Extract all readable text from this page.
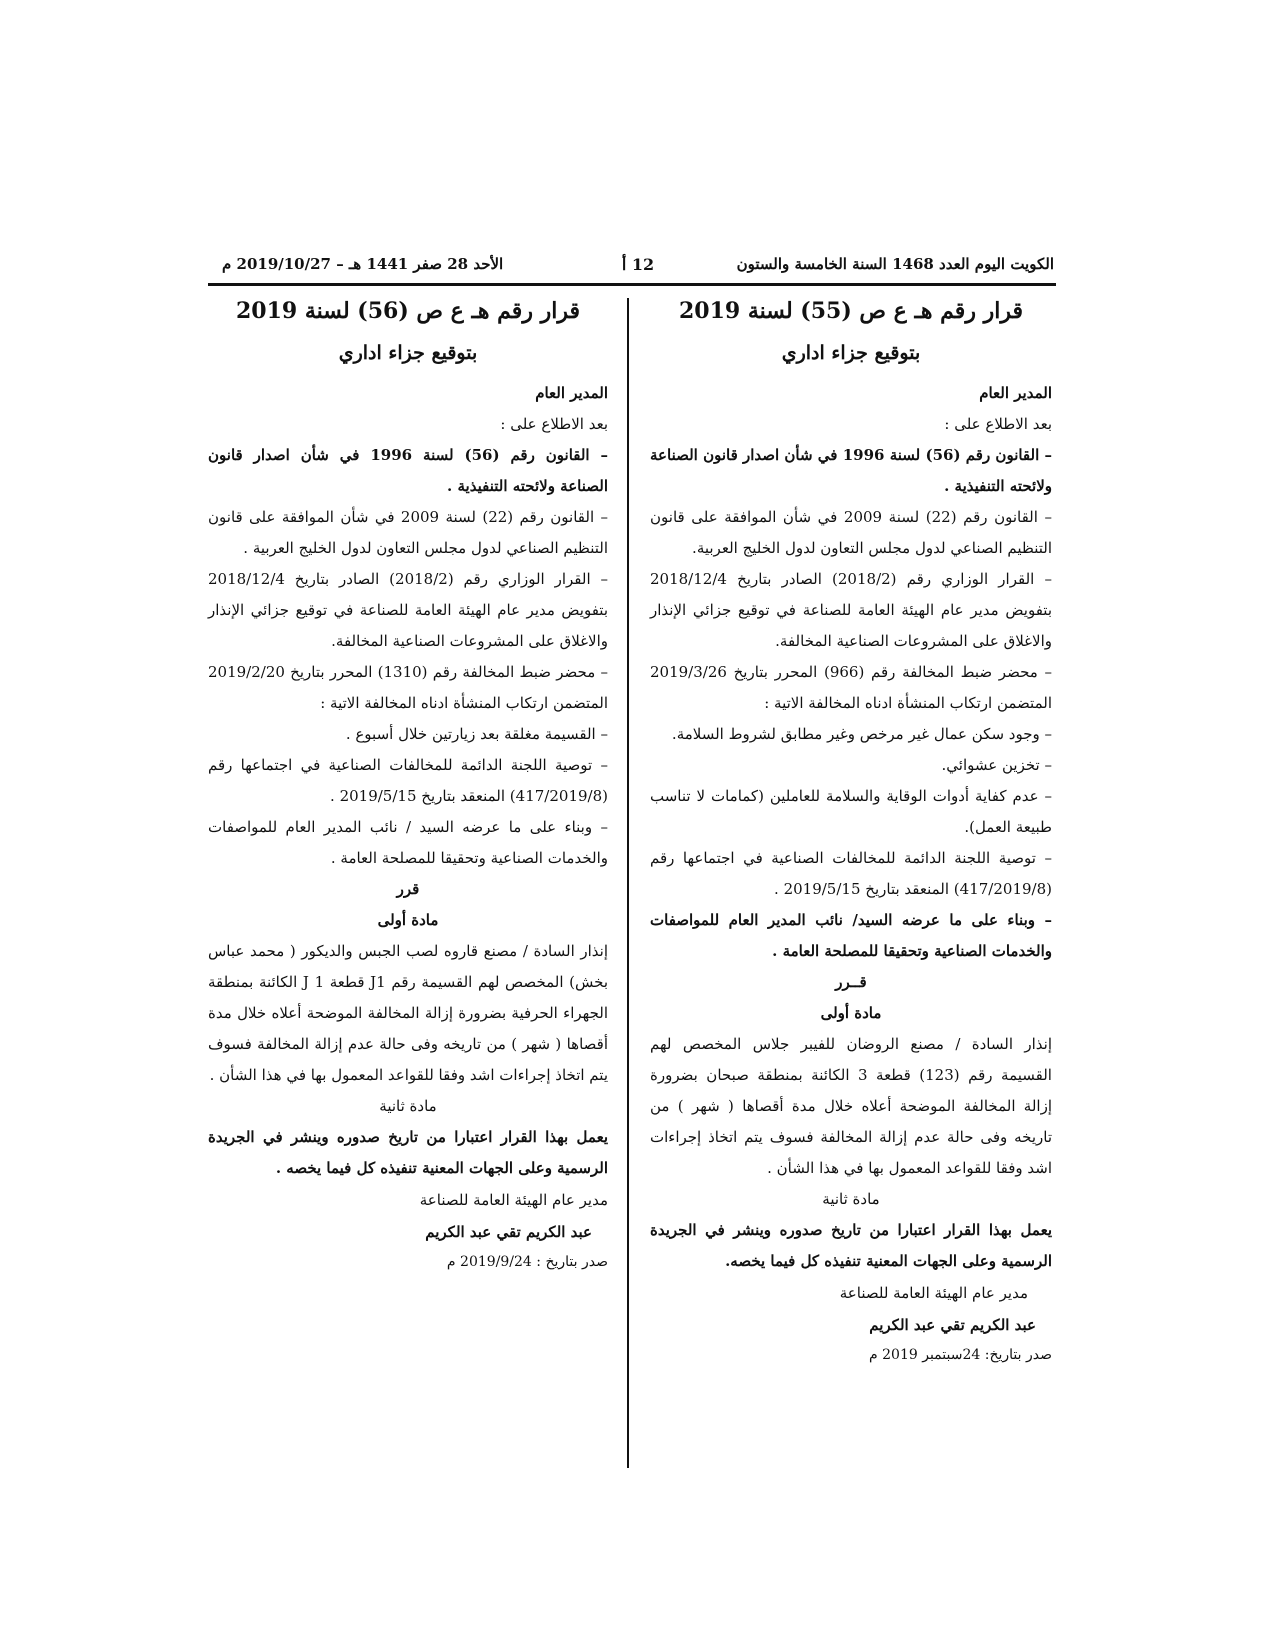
الكويت اليوم العدد 1468 السنة الخامسة والستون
12 أ
الأحد 28 صفر 1441 هـ – 2019/10/27 م

قرار رقم هـ ع ص (55) لسنة 2019

بتوقيع جزاء اداري

المدير العام

بعد الاطلاع على :

– القانون رقم (56) لسنة 1996 في شأن اصدار قانون الصناعة ولائحته التنفيذية .

– القانون رقم (22) لسنة 2009 في شأن الموافقة على قانون التنظيم الصناعي لدول مجلس التعاون لدول الخليج العربية.

– القرار الوزاري رقم (2018/2) الصادر بتاريخ 2018/12/4 بتفويض مدير عام الهيئة العامة للصناعة في توقيع جزائي الإنذار والاغلاق على المشروعات الصناعية المخالفة.

– محضر ضبط المخالفة رقم (966) المحرر بتاريخ 2019/3/26 المتضمن ارتكاب المنشأة ادناه المخالفة الاتية :

– وجود سكن عمال غير مرخص وغير مطابق لشروط السلامة.

– تخزين عشوائي.

– عدم كفاية أدوات الوقاية والسلامة للعاملين (كمامات لا تناسب طبيعة العمل).

– توصية اللجنة الدائمة للمخالفات الصناعية في اجتماعها رقم (417/2019/8) المنعقد بتاريخ 2019/5/15 .

– وبناء على ما عرضه السيد/ نائب المدير العام للمواصفات والخدمات الصناعية وتحقيقا للمصلحة العامة .

قــرر

مادة أولى

إنذار السادة / مصنع الروضان للفيبر جلاس المخصص لهم القسيمة رقم (123) قطعة 3 الكائنة بمنطقة صبحان بضرورة إزالة المخالفة الموضحة أعلاه خلال مدة أقصاها ( شهر ) من تاريخه وفى حالة عدم إزالة المخالفة فسوف يتم اتخاذ إجراءات اشد وفقا للقواعد المعمول بها في هذا الشأن .

مادة ثانية

يعمل بهذا القرار اعتبارا من تاريخ صدوره وينشر في الجريدة الرسمية وعلى الجهات المعنية تنفيذه كل فيما يخصه.

مدير عام الهيئة العامة للصناعة

عبد الكريم تقي عبد الكريم

صدر بتاريخ: 24سبتمبر 2019 م

قرار رقم هـ ع ص (56) لسنة 2019

بتوقيع جزاء اداري

المدير العام

بعد الاطلاع على :

– القانون رقم (56) لسنة 1996 في شأن اصدار قانون الصناعة ولائحته التنفيذية .

– القانون رقم (22) لسنة 2009 في شأن الموافقة على قانون التنظيم الصناعي لدول مجلس التعاون لدول الخليج العربية .

– القرار الوزاري رقم (2018/2) الصادر بتاريخ 2018/12/4 بتفويض مدير عام الهيئة العامة للصناعة في توقيع جزائي الإنذار والاغلاق على المشروعات الصناعية المخالفة.

– محضر ضبط المخالفة رقم (1310) المحرر بتاريخ 2019/2/20 المتضمن ارتكاب المنشأة ادناه المخالفة الاتية :

– القسيمة مغلقة بعد زيارتين خلال أسبوع .

– توصية اللجنة الدائمة للمخالفات الصناعية في اجتماعها رقم (417/2019/8) المنعقد بتاريخ 2019/5/15 .

– وبناء على ما عرضه السيد / نائب المدير العام للمواصفات والخدمات الصناعية وتحقيقا للمصلحة العامة .

قرر

مادة أولى

إنذار السادة / مصنع قاروه لصب الجبس والديكور ( محمد عباس بخش) المخصص لهم القسيمة رقم J1 قطعة 1 J الكائنة بمنطقة الجهراء الحرفية بضرورة إزالة المخالفة الموضحة أعلاه خلال مدة أقصاها ( شهر ) من تاريخه وفى حالة عدم إزالة المخالفة فسوف يتم اتخاذ إجراءات اشد وفقا للقواعد المعمول بها في هذا الشأن .

مادة ثانية

يعمل بهذا القرار اعتبارا من تاريخ صدوره وينشر في الجريدة الرسمية وعلى الجهات المعنية تنفيذه كل فيما يخصه .

مدير عام الهيئة العامة للصناعة

عبد الكريم تقي عبد الكريم

صدر بتاريخ : 2019/9/24 م
